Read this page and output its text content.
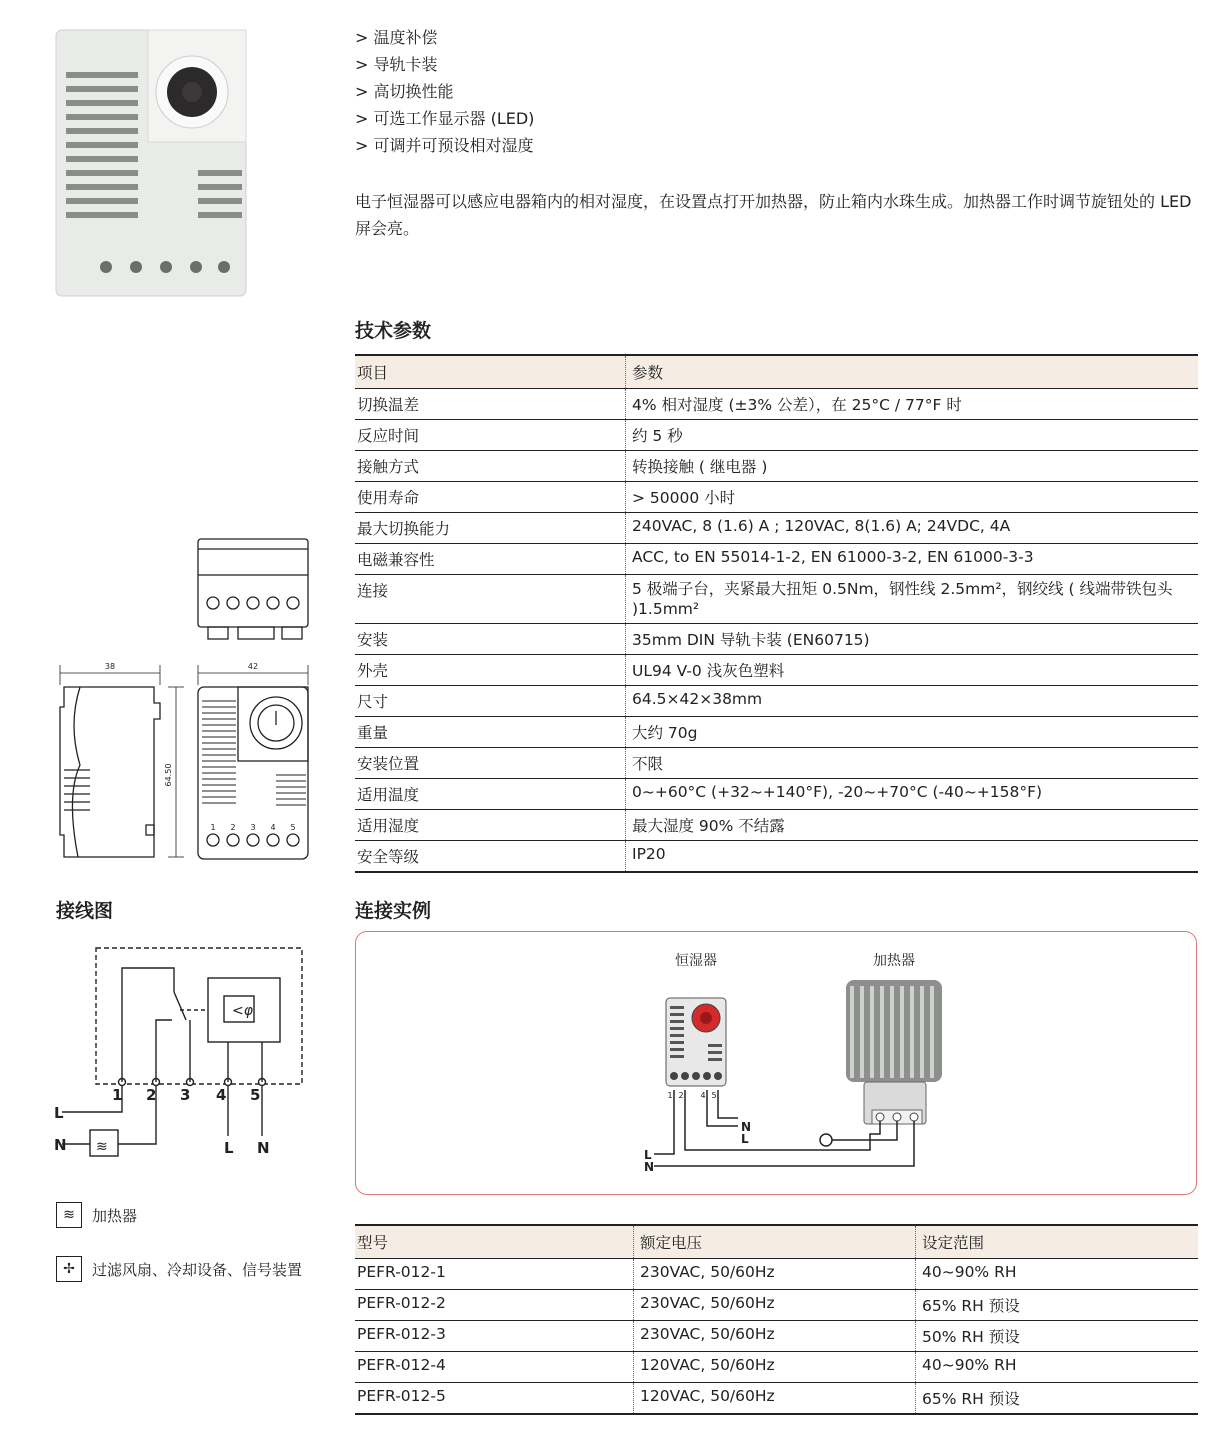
> 温度补偿
> 导轨卡装
> 高切换性能
> 可选工作显示器 (LED)
> 可调并可预设相对湿度
电子恒湿器可以感应电器箱内的相对湿度，在设置点打开加热器，防止箱内水珠生成。加热器工作时调节旋钮处的 LED 屏会亮。
技术参数
项目	参数
切换温差	4% 相对湿度 (±3% 公差），在 25°C / 77°F 时
反应时间	约 5 秒
接触方式	转换接触 ( 继电器 )
使用寿命	> 50000 小时
最大切换能力	240VAC, 8 (1.6) A ; 120VAC, 8(1.6) A; 24VDC, 4A
电磁兼容性	ACC, to EN 55014-1-2, EN 61000-3-2, EN 61000-3-3
连接	5 极端子台，夹紧最大扭矩 0.5Nm，钢性线 2.5mm²，钢绞线 ( 线端带铁包头 )1.5mm²
安装	35mm DIN 导轨卡装 (EN60715)
外壳	UL94 V-0 浅灰色塑料
尺寸	64.5×42×38mm
重量	大约 70g
安装位置	不限
适用温度	0~+60°C (+32~+140°F), -20~+70°C (-40~+158°F)
适用湿度	最大湿度 90% 不结露
安全等级	IP20
38	42
64.50
1 2 3 4 5
接线图
<φ
≋
L
N
1 2 3 4 5
L N
≋	加热器
✢	过滤风扇、冷却设备、信号装置
连接实例
恒湿器	加热器
1 2 4 5
N
L
L
N
型号	额定电压	设定范围
PEFR-012-1	230VAC, 50/60Hz	40~90% RH
PEFR-012-2	230VAC, 50/60Hz	65% RH 预设
PEFR-012-3	230VAC, 50/60Hz	50% RH 预设
PEFR-012-4	120VAC, 50/60Hz	40~90% RH
PEFR-012-5	120VAC, 50/60Hz	65% RH 预设
